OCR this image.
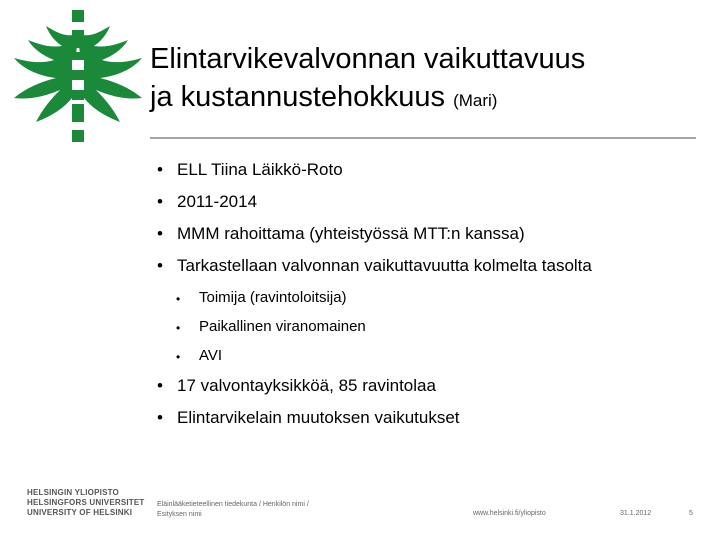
Elintarvikevalvonnan vaikuttavuus
ja kustannustehokkuus (Mari)
• ELL Tiina Läikkö-Roto
• 2011-2014
• MMM rahoittama (yhteistyössä MTT:n kanssa)
• Tarkastellaan valvonnan vaikuttavuutta kolmelta tasolta
• Toimija (ravintoloitsija)
• Paikallinen viranomainen
• AVI
• 17 valvontayksikköä, 85 ravintolaa
• Elintarvikelain muutoksen vaikutukset
HELSINGIN YLIOPISTO
HELSINGFORS UNIVERSITET
UNIVERSITY OF HELSINKI
Eläinlääketieteellinen tiedekunta / Henkilön nimi /
Esityksen nimi	www.helsinki.fi/yliopisto	31.1.2012	5
